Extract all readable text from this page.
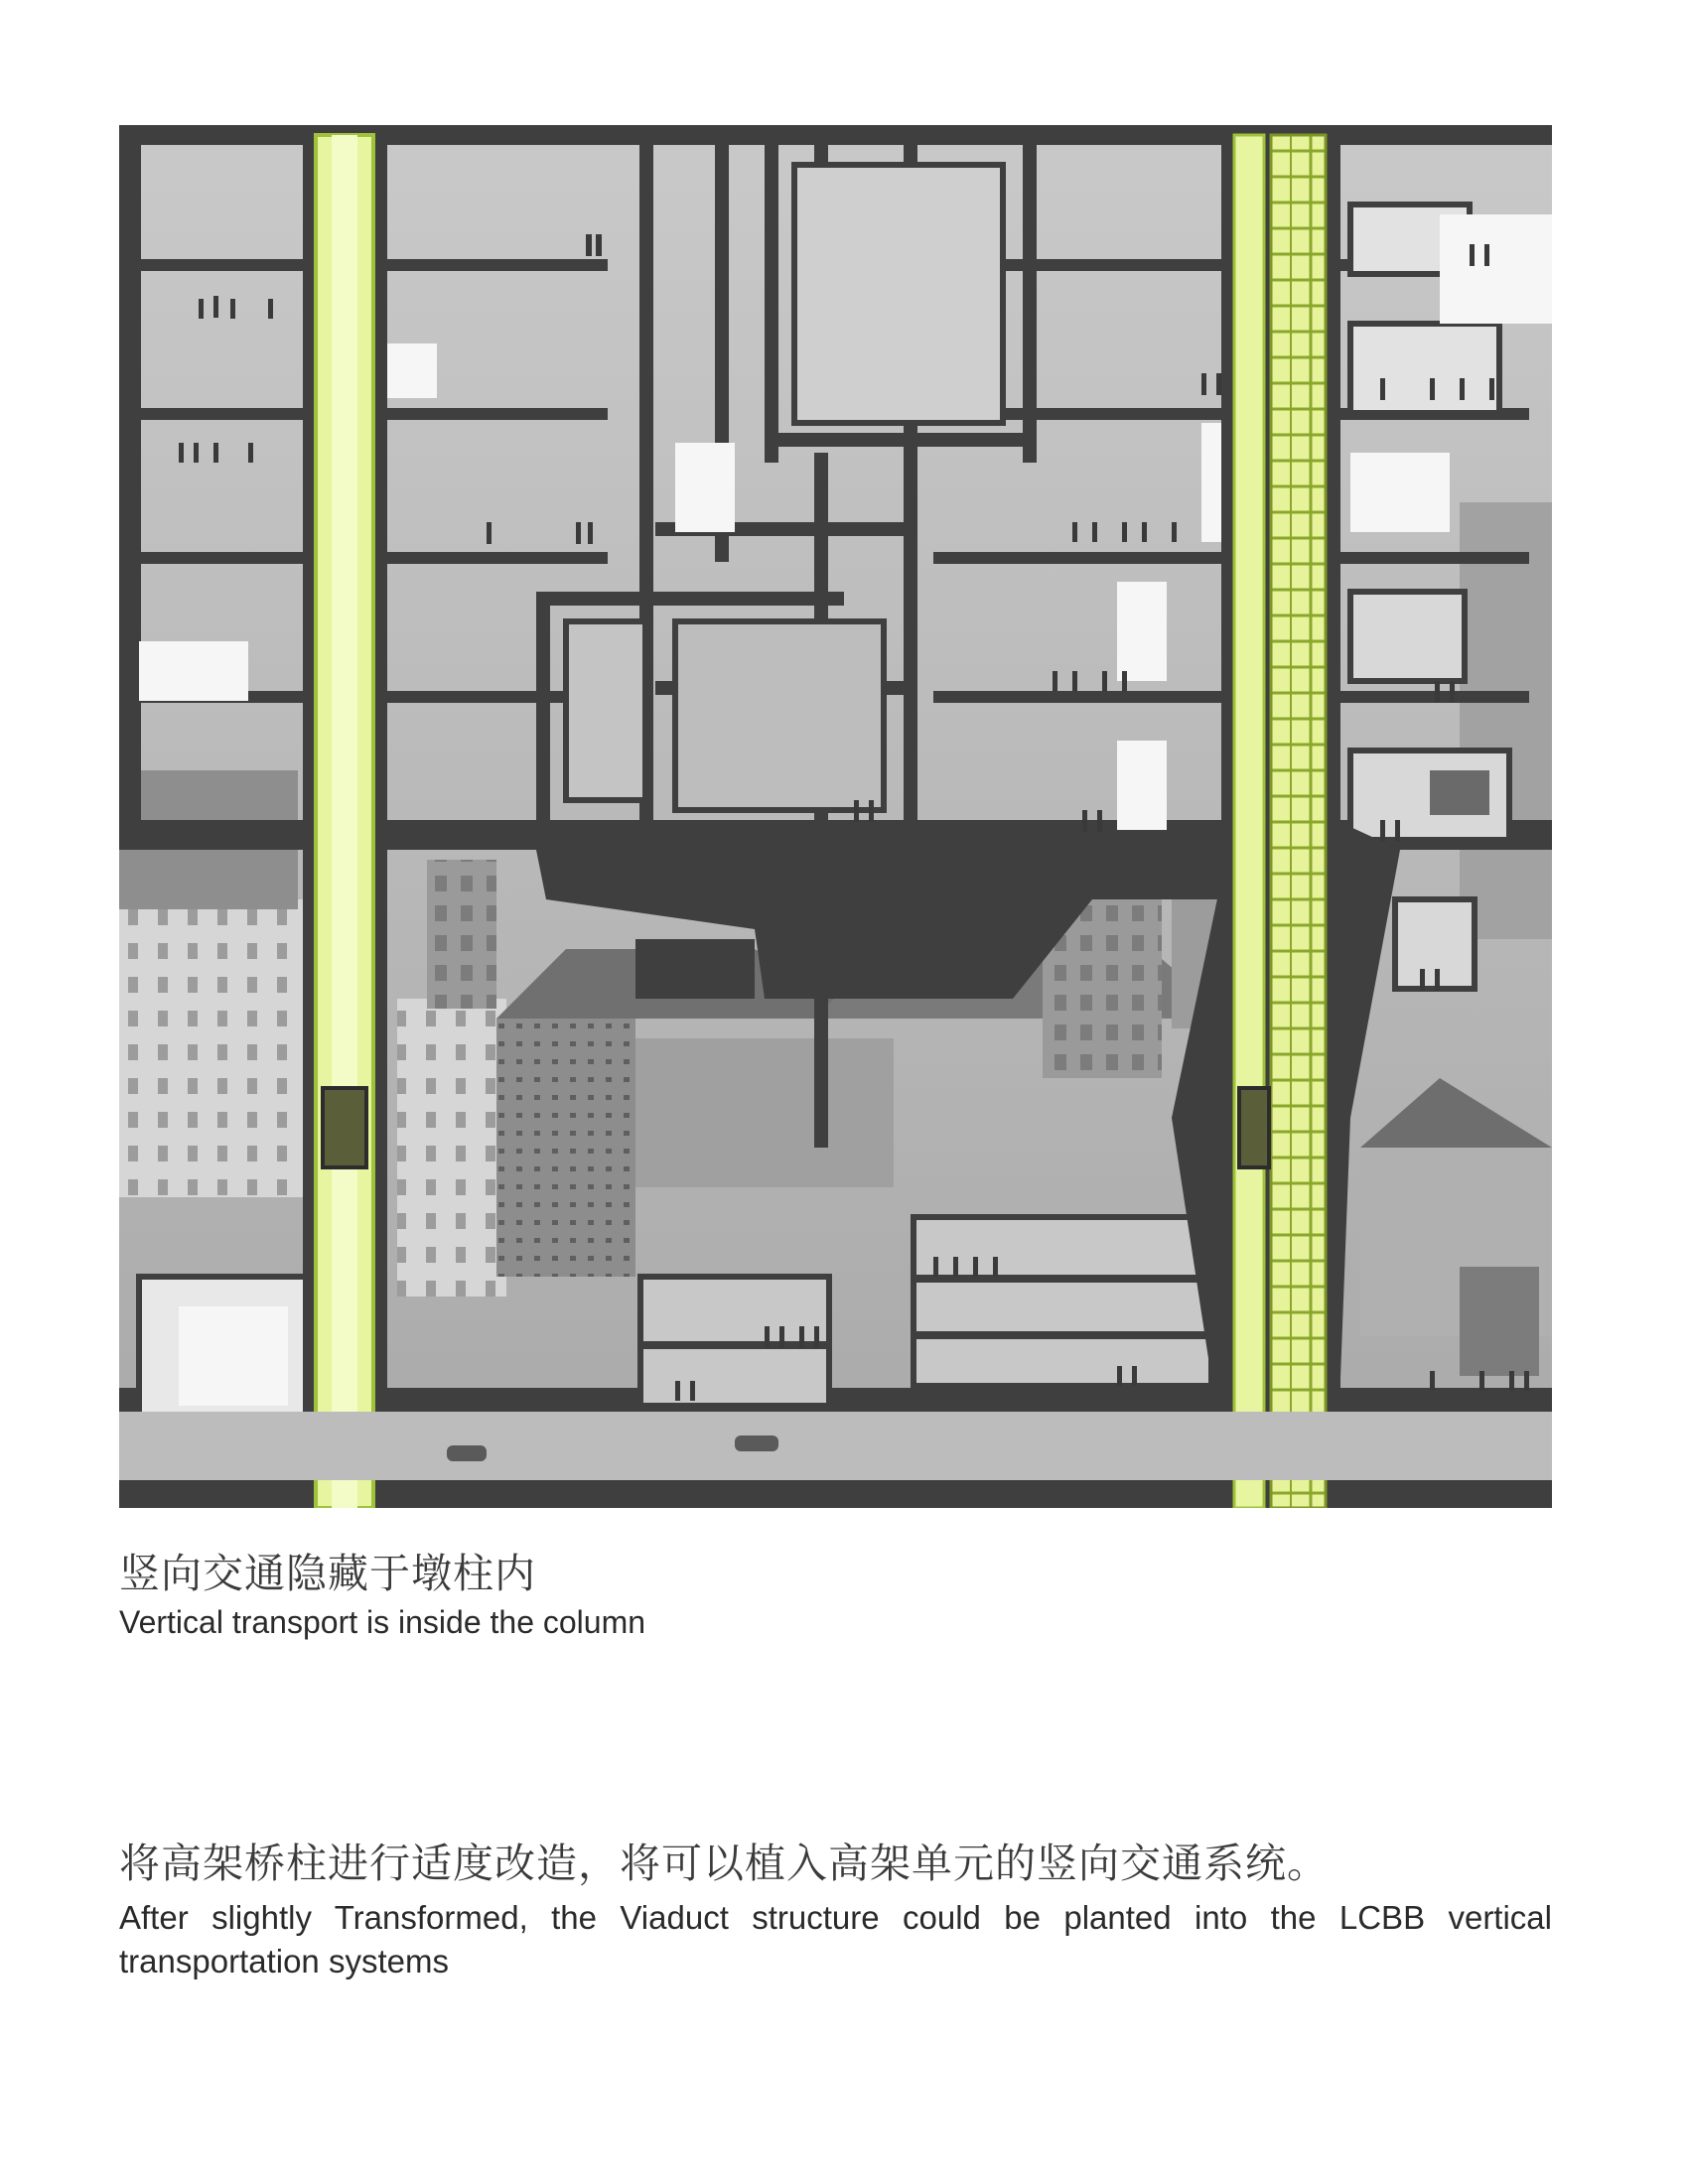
竖向交通隐藏于墩柱内
Vertical transport is inside the column
将高架桥柱进行适度改造，将可以植入高架单元的竖向交通系统。
After slightly Transformed, the Viaduct structure could be planted into the LCBB vertical transportation systems
